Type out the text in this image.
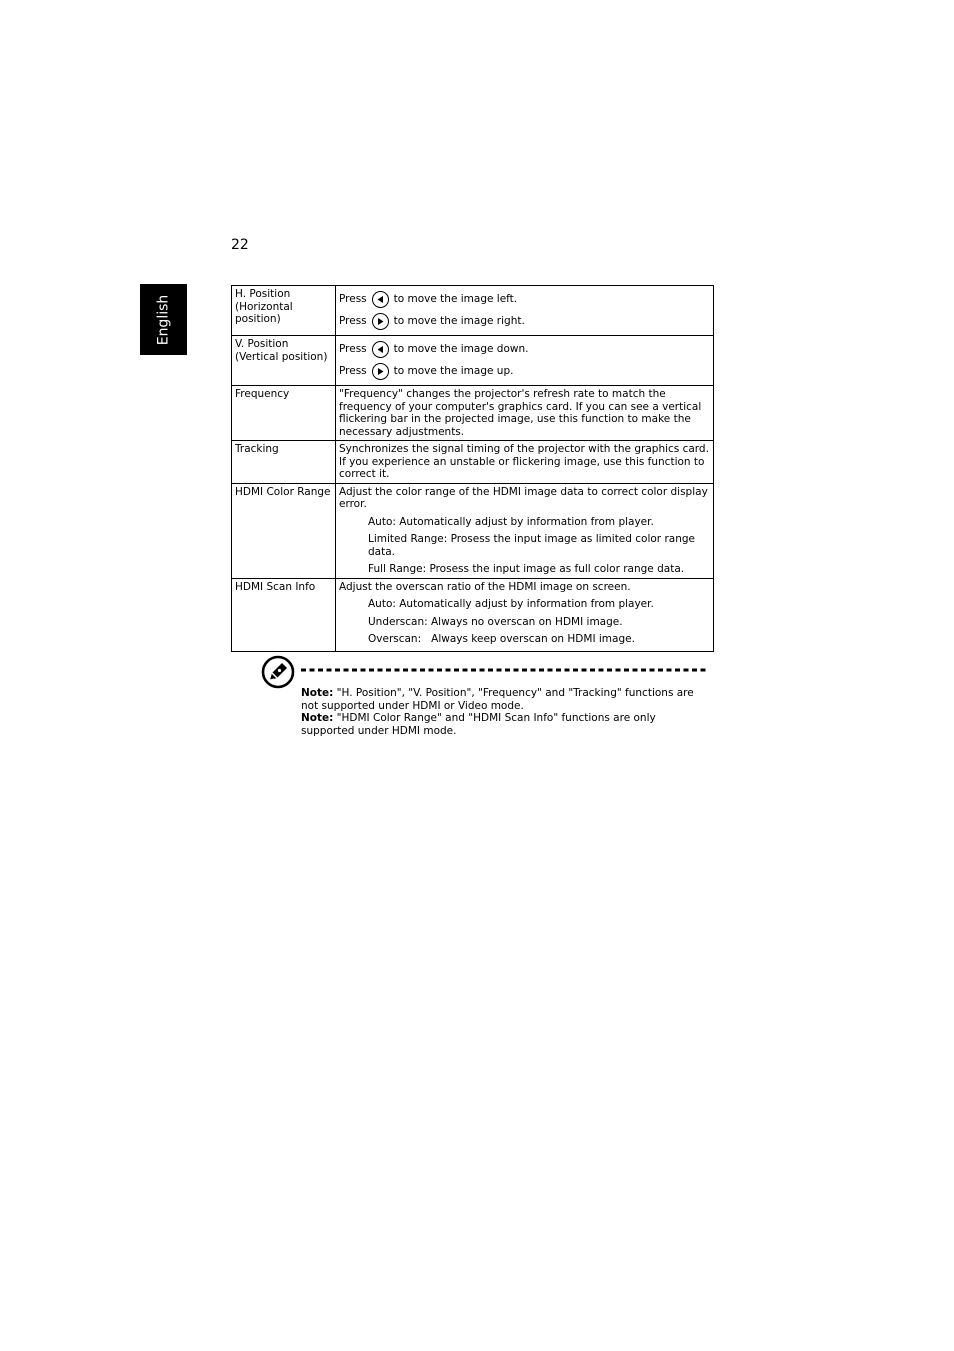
22
English
H. Position (Horizontal position)	Press to move the image left.
Press to move the image right.

V. Position (Vertical position)	Press to move the image down.
Press to move the image up.

Frequency	"Frequency" changes the projector's refresh rate to match the frequency of your computer's graphics card. If you can see a vertical flickering bar in the projected image, use this function to make the necessary adjustments.
Tracking	Synchronizes the signal timing of the projector with the graphics card. If you experience an unstable or flickering image, use this function to correct it.
HDMI Color Range	Adjust the color range of the HDMI image data to correct color display error.
Auto: Automatically adjust by information from player.
Limited Range: Prosess the input image as limited color range data.
Full Range: Prosess the input image as full color range data.

HDMI Scan Info	Adjust the overscan ratio of the HDMI image on screen.
Auto: Automatically adjust by information from player.
Underscan: Always no overscan on HDMI image.
Overscan:   Always keep overscan on HDMI image.
Note: "H. Position", "V. Position", "Frequency" and "Tracking" functions are not supported under HDMI or Video mode.
Note: "HDMI Color Range" and "HDMI Scan Info" functions are only supported under HDMI mode.
